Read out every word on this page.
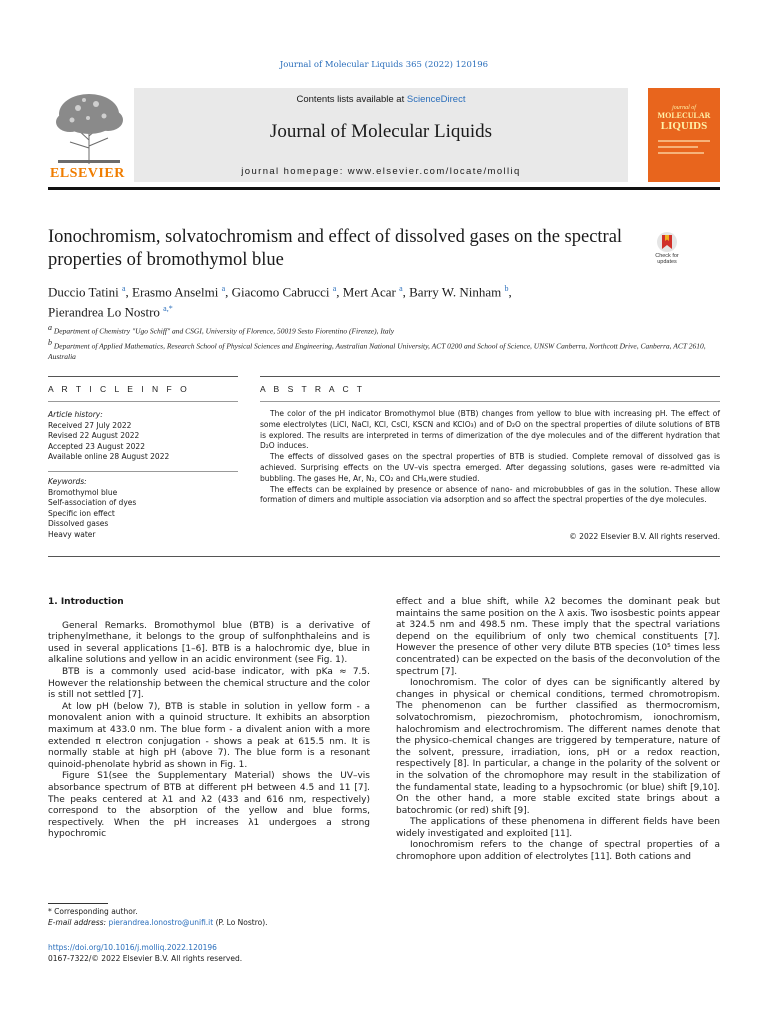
Journal of Molecular Liquids 365 (2022) 120196
ELSEVIER
Contents lists available at ScienceDirect
Journal of Molecular Liquids
journal homepage: www.elsevier.com/locate/molliq
journal of
MOLECULAR
LIQUIDS
Ionochromism, solvatochromism and effect of dissolved gases on the spectral properties of bromothymol blue	Check for updates
Duccio Tatini $^a$, Erasmo Anselmi $^a$, Giacomo Cabrucci $^a$, Mert Acar $^a$, Barry W. Ninham $^b$,
Pierandrea Lo Nostro $^{a,*}$
$^a$ Department of Chemistry "Ugo Schiff" and CSGI, University of Florence, 50019 Sesto Fiorentino (Firenze), Italy
$^b$ Department of Applied Mathematics, Research School of Physical Sciences and Engineering, Australian National University, ACT 0200 and School of Science, UNSW Canberra, Northcott Drive, Canberra, ACT 2610, Australia
A R T I C L E I N F O	A B S T R A C T
Article history:
Received 27 July 2022
Revised 22 August 2022
Accepted 23 August 2022
Available online 28 August 2022
Keywords:
Bromothymol blue
Self-association of dyes
Specific ion effect
Dissolved gases
Heavy water

The color of the pH indicator Bromothymol blue (BTB) changes from yellow to blue with increasing pH. The effect of some electrolytes (LiCl, NaCl, KCl, CsCl, KSCN and KClO₃) and of D₂O on the spectral properties of dilute solutions of BTB is explored. The results are interpreted in terms of dimerization of the dye molecules and of the different hydration that D₂O induces.

The effects of dissolved gases on the spectral properties of BTB is studied. Complete removal of dissolved gas is achieved. Surprising effects on the UV–vis spectra emerged. After degassing solutions, gases were re-admitted via bubbling. The gases He, Ar, N₂, CO₂ and CH₄,were studied.

The effects can be explained by presence or absence of nano- and microbubbles of gas in the solution. These allow formation of dimers and multiple association via adsorption and so affect the spectral properties of the dye molecules.

© 2022 Elsevier B.V. All rights reserved.
1. Introduction

General Remarks. Bromothymol blue (BTB) is a derivative of triphenylmethane, it belongs to the group of sulfonphthaleins and is used in several applications [1–6]. BTB is a halochromic dye, blue in alkaline solutions and yellow in an acidic environment (see Fig. 1).

BTB is a commonly used acid-base indicator, with pKa ≈ 7.5. However the relationship between the chemical structure and the color is still not settled [7].

At low pH (below 7), BTB is stable in solution in yellow form - a monovalent anion with a quinoid structure. It exhibits an absorption maximum at 433.0 nm. The blue form - a divalent anion with a more extended π electron conjugation - shows a peak at 615.5 nm. It is normally stable at high pH (above 7). The blue form is a resonant quinoid-phenolate hybrid as shown in Fig. 1.

Figure S1(see the Supplementary Material) shows the UV–vis absorbance spectrum of BTB at different pH between 4.5 and 11 [7]. The peaks centered at λ1 and λ2 (433 and 616 nm, respectively) correspond to the absorption of the yellow and blue forms, respectively. When the pH increases λ1 undergoes a strong hypochromic

effect and a blue shift, while λ2 becomes the dominant peak but maintains the same position on the λ axis. Two isosbestic points appear at 324.5 nm and 498.5 nm. These imply that the spectral variations depend on the equilibrium of only two chemical constituents [7]. However the presence of other very dilute BTB species (10⁵ times less concentrated) can be expected on the basis of the deconvolution of the spectrum [7].

Ionochromism. The color of dyes can be significantly altered by changes in physical or chemical conditions, termed chromotropism. The phenomenon can be further classified as thermocromism, solvatochromism, piezochromism, photochromism, ionochromism, halochromism and electrochromism. The different names denote that the physico-chemical changes are triggered by temperature, nature of the solvent, pressure, irradiation, ions, pH or a redox reaction, respectively [8]. In particular, a change in the polarity of the solvent or in the solvation of the chromophore may result in the stabilization of the fundamental state, leading to a hypsochromic (or blue) shift [9,10]. On the other hand, a more stable excited state brings about a batochromic (or red) shift [9].

The applications of these phenomena in different fields have been widely investigated and exploited [11].

Ionochromism refers to the change of spectral properties of a chromophore upon addition of electrolytes [11]. Both cations and

* Corresponding author.
E-mail address: pierandrea.lonostro@unifi.it (P. Lo Nostro).
https://doi.org/10.1016/j.molliq.2022.120196
0167-7322/© 2022 Elsevier B.V. All rights reserved.
